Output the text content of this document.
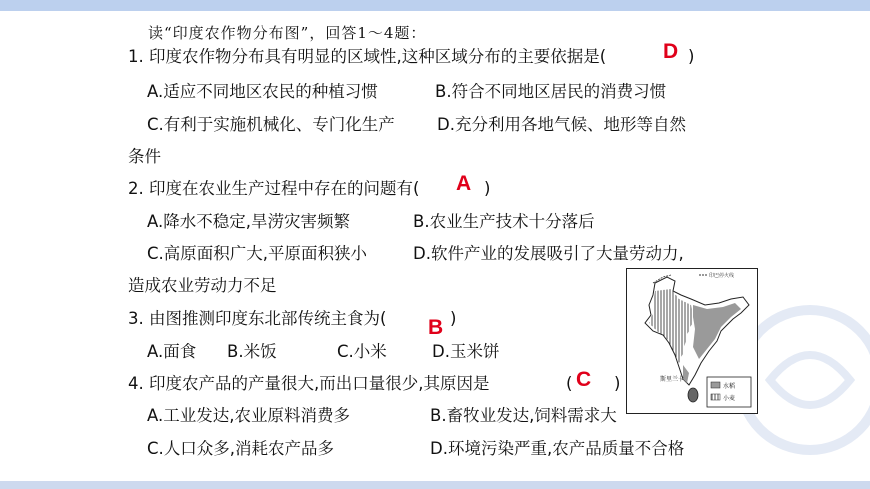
读“印度农作物分布图”，回答1～4题：
1. 印度农作物分布具有明显的区域性,这种区域分布的主要依据是(	D )
A.适应不同地区农民的种植习惯	B.符合不同地区居民的消费习惯
C.有利于实施机械化、专门化生产	D.充分利用各地气候、地形等自然
条件
2. 印度在农业生产过程中存在的问题有( A )
A.降水不稳定,旱涝灾害频繁	B.农业生产技术十分落后
C.高原面积广大,平原面积狭小	D.软件产业的发展吸引了大量劳动力,
造成农业劳动力不足
3. 由图推测印度东北部传统主食为( B )
A.面食 B.米饭	C.小米	D.玉米饼
4. 印度农产品的产量很大,而出口量很少,其原因是	( C )
A.工业发达,农业原料消费多	B.畜牧业发达,饲料需求大
C.人口众多,消耗农产品多	D.环境污染严重,农产品质量不合格
印巴停火线
斯里兰卡
水稻
小麦
